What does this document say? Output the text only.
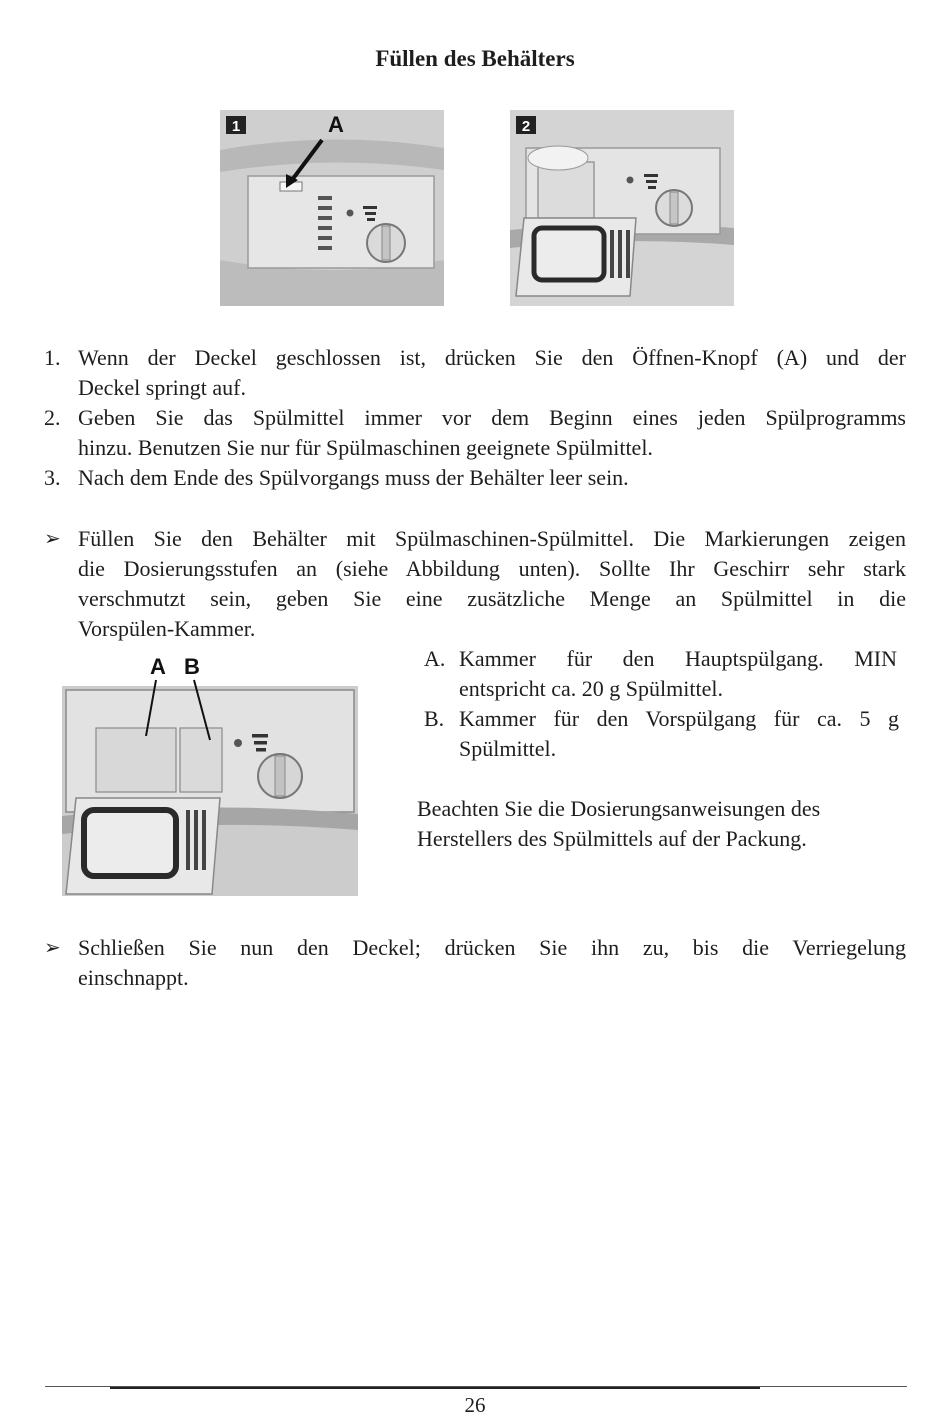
Füllen des Behälters
1	A	2
1. Wenn der Deckel geschlossen ist, drücken Sie den Öffnen-Knopf (A) und der
Deckel springt auf.
2. Geben Sie das Spülmittel immer vor dem Beginn eines jeden Spülprogramms
hinzu. Benutzen Sie nur für Spülmaschinen geeignete Spülmittel.
3. Nach dem Ende des Spülvorgangs muss der Behälter leer sein.
➢ Füllen Sie den Behälter mit Spülmaschinen-Spülmittel. Die Markierungen zeigen
die Dosierungsstufen an (siehe Abbildung unten). Sollte Ihr Geschirr sehr stark
verschmutzt sein, geben Sie eine zusätzliche Menge an Spülmittel in die
Vorspülen-Kammer.
A B	A. Kammer für den Hauptspülgang. MIN
entspricht ca. 20 g Spülmittel.
B. Kammer für den Vorspülgang für ca. 5 g
Spülmittel.
Beachten Sie die Dosierungsanweisungen des
Herstellers des Spülmittels auf der Packung.
➢ Schließen Sie nun den Deckel; drücken Sie ihn zu, bis die Verriegelung
einschnappt.
26
